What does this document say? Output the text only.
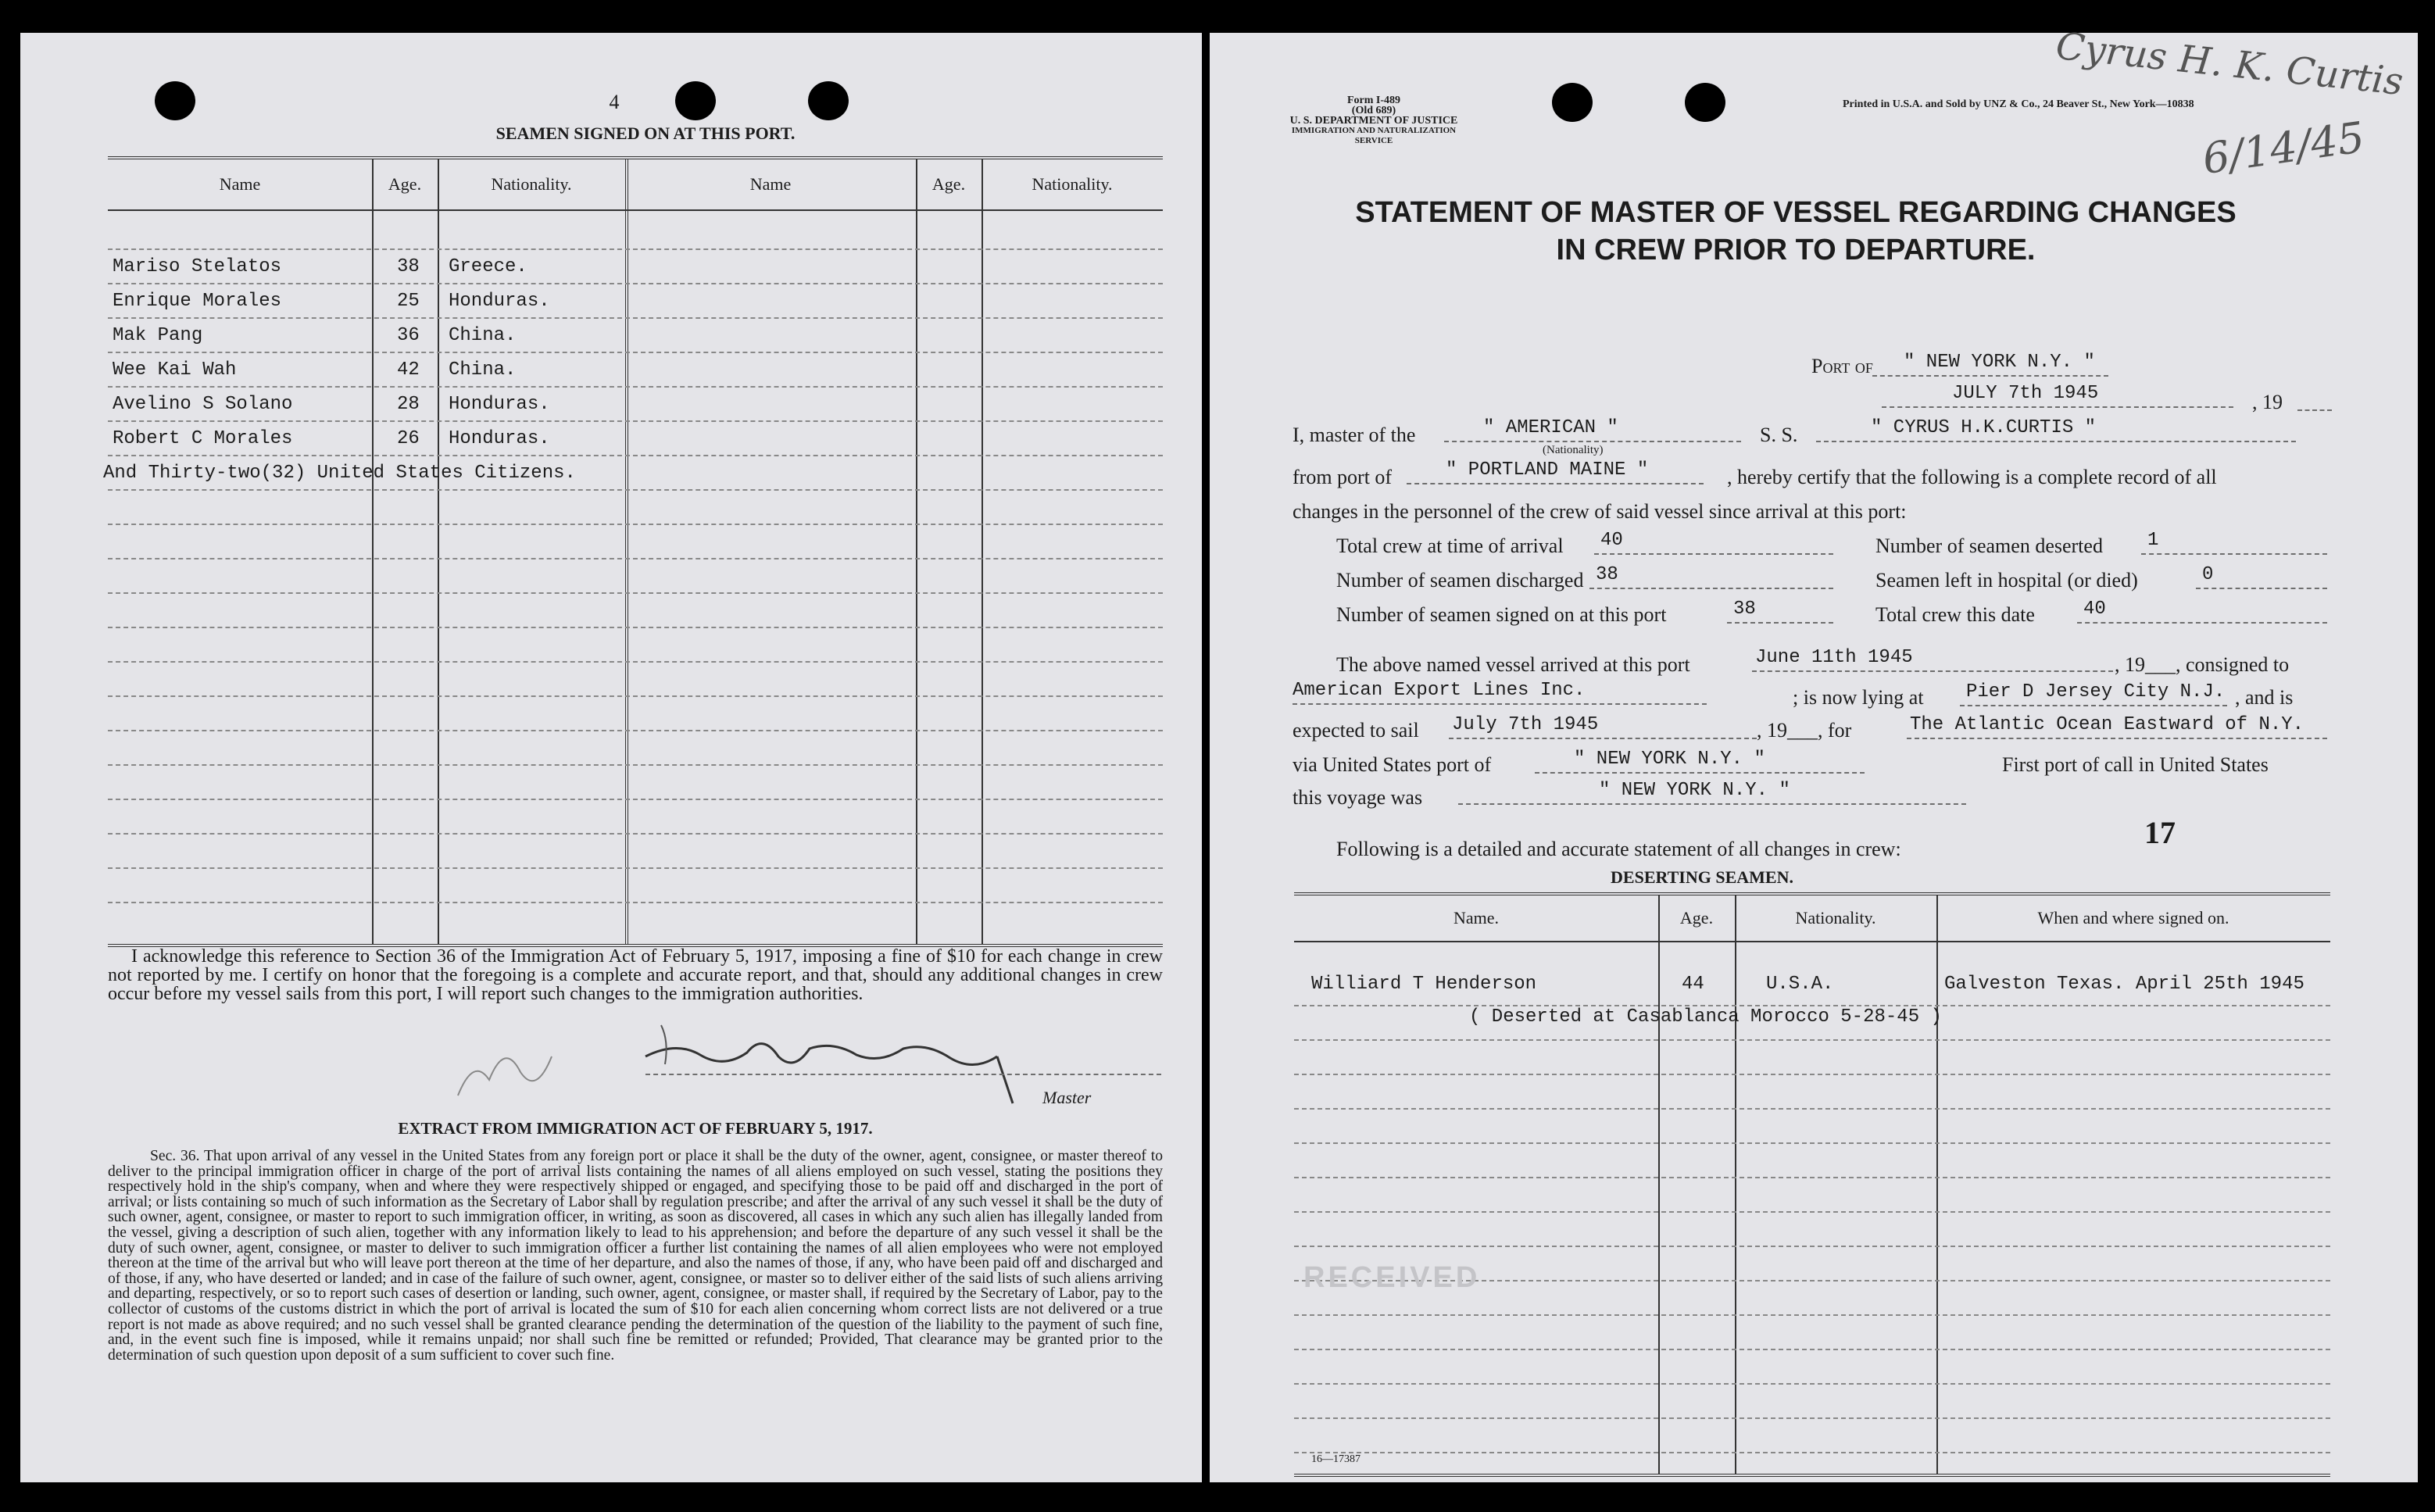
4
SEAMEN SIGNED ON AT THIS PORT.
Name	Age.	Nationality.	Name	Age.	Nationality.
Mariso Stelatos	38 Greece.
Enrique Morales	25 Honduras.
Mak Pang	36 China.
Wee Kai Wah	42 China.
Avelino S Solano	28 Honduras.
Robert C Morales	26 Honduras.
And Thirty-two(32) United States Citizens.
I acknowledge this reference to Section 36 of the Immigration Act of February 5, 1917, imposing a fine of $10 for each change in crew not reported by me. I certify on honor that the foregoing is a complete and accurate report, and that, should any additional changes in crew occur before my vessel sails from this port, I will report such changes to the immigration authorities.
Master
EXTRACT FROM IMMIGRATION ACT OF FEBRUARY 5, 1917.
Sec. 36. That upon arrival of any vessel in the United States from any foreign port or place it shall be the duty of the owner, agent, consignee, or master thereof to deliver to the principal immigration officer in charge of the port of arrival lists containing the names of all aliens employed on such vessel, stating the positions they respectively hold in the ship's company, when and where they were respectively shipped or engaged, and specifying those to be paid off and discharged in the port of arrival; or lists containing so much of such information as the Secretary of Labor shall by regulation prescribe; and after the arrival of any such vessel it shall be the duty of such owner, agent, consignee, or master to report to such immigration officer, in writing, as soon as discovered, all cases in which any such alien has illegally landed from the vessel, giving a description of such alien, together with any information likely to lead to his apprehension; and before the departure of any such vessel it shall be the duty of such owner, agent, consignee, or master to deliver to such immigration officer a further list containing the names of all alien employees who were not employed thereon at the time of the arrival but who will leave port thereon at the time of her departure, and also the names of those, if any, who have been paid off and discharged and of those, if any, who have deserted or landed; and in case of the failure of such owner, agent, consignee, or master so to deliver either of the said lists of such aliens arriving and departing, respectively, or so to report such cases of desertion or landing, such owner, agent, consignee, or master shall, if required by the Secretary of Labor, pay to the collector of customs of the customs district in which the port of arrival is located the sum of $10 for each alien concerning whom correct lists are not delivered or a true report is not made as above required; and no such vessel shall be granted clearance pending the determination of the question of the liability to the payment of such fine, and, in the event such fine is imposed, while it remains unpaid; nor shall such fine be remitted or refunded; Provided, That clearance may be granted prior to the determination of such question upon deposit of a sum sufficient to cover such fine.
Form I-489
(Old 689)
U. S. DEPARTMENT OF JUSTICE
IMMIGRATION AND NATURALIZATION SERVICE
Printed in U.S.A. and Sold by UNZ & Co., 24 Beaver St., New York—10838
Cyrus H. K. Curtis
6/14/45
STATEMENT OF MASTER OF VESSEL REGARDING CHANGES
IN CREW PRIOR TO DEPARTURE.
Port of	" NEW YORK N.Y. "
JULY 7th 1945	, 19
I, master of the	" AMERICAN "
(Nationality)
S. S.	" CYRUS H.K.CURTIS "
from port of	" PORTLAND MAINE "	, hereby certify that the following is a complete record of all
changes in the personnel of the crew of said vessel since arrival at this port:
Total crew at time of arrival	40	Number of seamen deserted	1
Number of seamen discharged 38	Seamen left in hospital (or died)	0
Number of seamen signed on at this port	38	Total crew this date	40
The above named vessel arrived at this port	June 11th 1945	, 19___, consigned to
American Export Lines Inc.	; is now lying at	Pier D Jersey City N.J. , and is
expected to sail July 7th 1945	, 19___, for	The Atlantic Ocean Eastward of N.Y.
via United States port of	" NEW YORK N.Y. "	First port of call in United States
this voyage was	" NEW YORK N.Y. "
Following is a detailed and accurate statement of all changes in crew:	17
DESERTING SEAMEN.
Name.	Age.	Nationality.	When and where signed on.
Williard T Henderson	44	U.S.A.	Galveston Texas. April 25th 1945
( Deserted at Casablanca Morocco 5-28-45 )
RECEIVED
16—17387
